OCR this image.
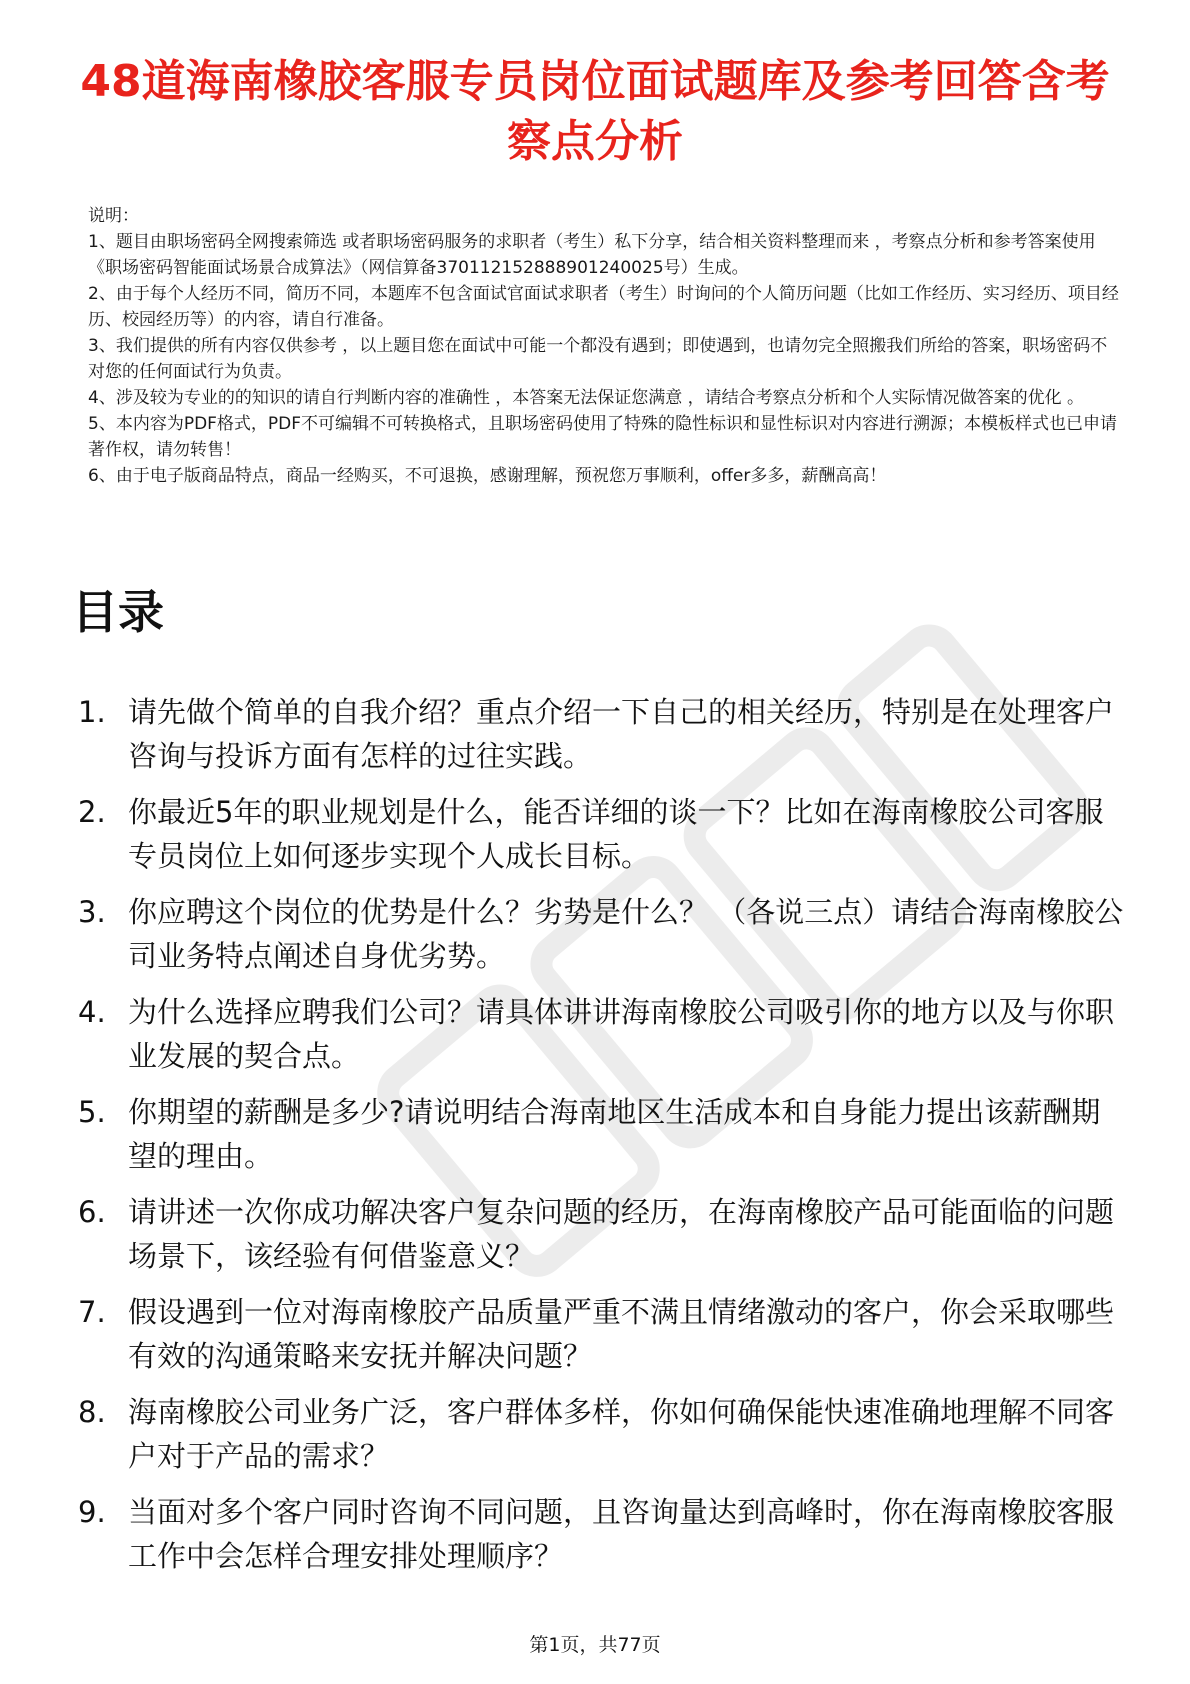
48道海南橡胶客服专员岗位面试题库及参考回答含考察点分析
说明：
1、题目由职场密码全网搜索筛选 或者职场密码服务的求职者（考生）私下分享，结合相关资料整理而来 ，考察点分析和参考答案使用《职场密码智能面试场景合成算法》（网信算备370112152888901240025号）生成。
2、由于每个人经历不同，简历不同，本题库不包含面试官面试求职者（考生）时询问的个人简历问题（比如工作经历、实习经历、项目经历、校园经历等）的内容，请自行准备。
3、我们提供的所有内容仅供参考 ，以上题目您在面试中可能一个都没有遇到；即使遇到，也请勿完全照搬我们所给的答案，职场密码不对您的任何面试行为负责。
4、涉及较为专业的的知识的请自行判断内容的准确性 ，本答案无法保证您满意 ，请结合考察点分析和个人实际情况做答案的优化 。
5、本内容为PDF格式，PDF不可编辑不可转换格式，且职场密码使用了特殊的隐性标识和显性标识对内容进行溯源；本模板样式也已申请著作权，请勿转售！
6、由于电子版商品特点，商品一经购买，不可退换，感谢理解，预祝您万事顺利，offer多多，薪酬高高！
目录
1. 请先做个简单的自我介绍？重点介绍一下自己的相关经历，特别是在处理客户咨询与投诉方面有怎样的过往实践。
2. 你最近5年的职业规划是什么，能否详细的谈一下？比如在海南橡胶公司客服专员岗位上如何逐步实现个人成长目标。
3. 你应聘这个岗位的优势是什么？劣势是什么？ （各说三点）请结合海南橡胶公司业务特点阐述自身优劣势。
4. 为什么选择应聘我们公司？请具体讲讲海南橡胶公司吸引你的地方以及与你职业发展的契合点。
5. 你期望的薪酬是多少?请说明结合海南地区生活成本和自身能力提出该薪酬期望的理由。
6. 请讲述一次你成功解决客户复杂问题的经历，在海南橡胶产品可能面临的问题场景下，该经验有何借鉴意义？
7. 假设遇到一位对海南橡胶产品质量严重不满且情绪激动的客户，你会采取哪些有效的沟通策略来安抚并解决问题？
8. 海南橡胶公司业务广泛，客户群体多样，你如何确保能快速准确地理解不同客户对于产品的需求？
9. 当面对多个客户同时咨询不同问题，且咨询量达到高峰时，你在海南橡胶客服工作中会怎样合理安排处理顺序？
第1页，共77页
